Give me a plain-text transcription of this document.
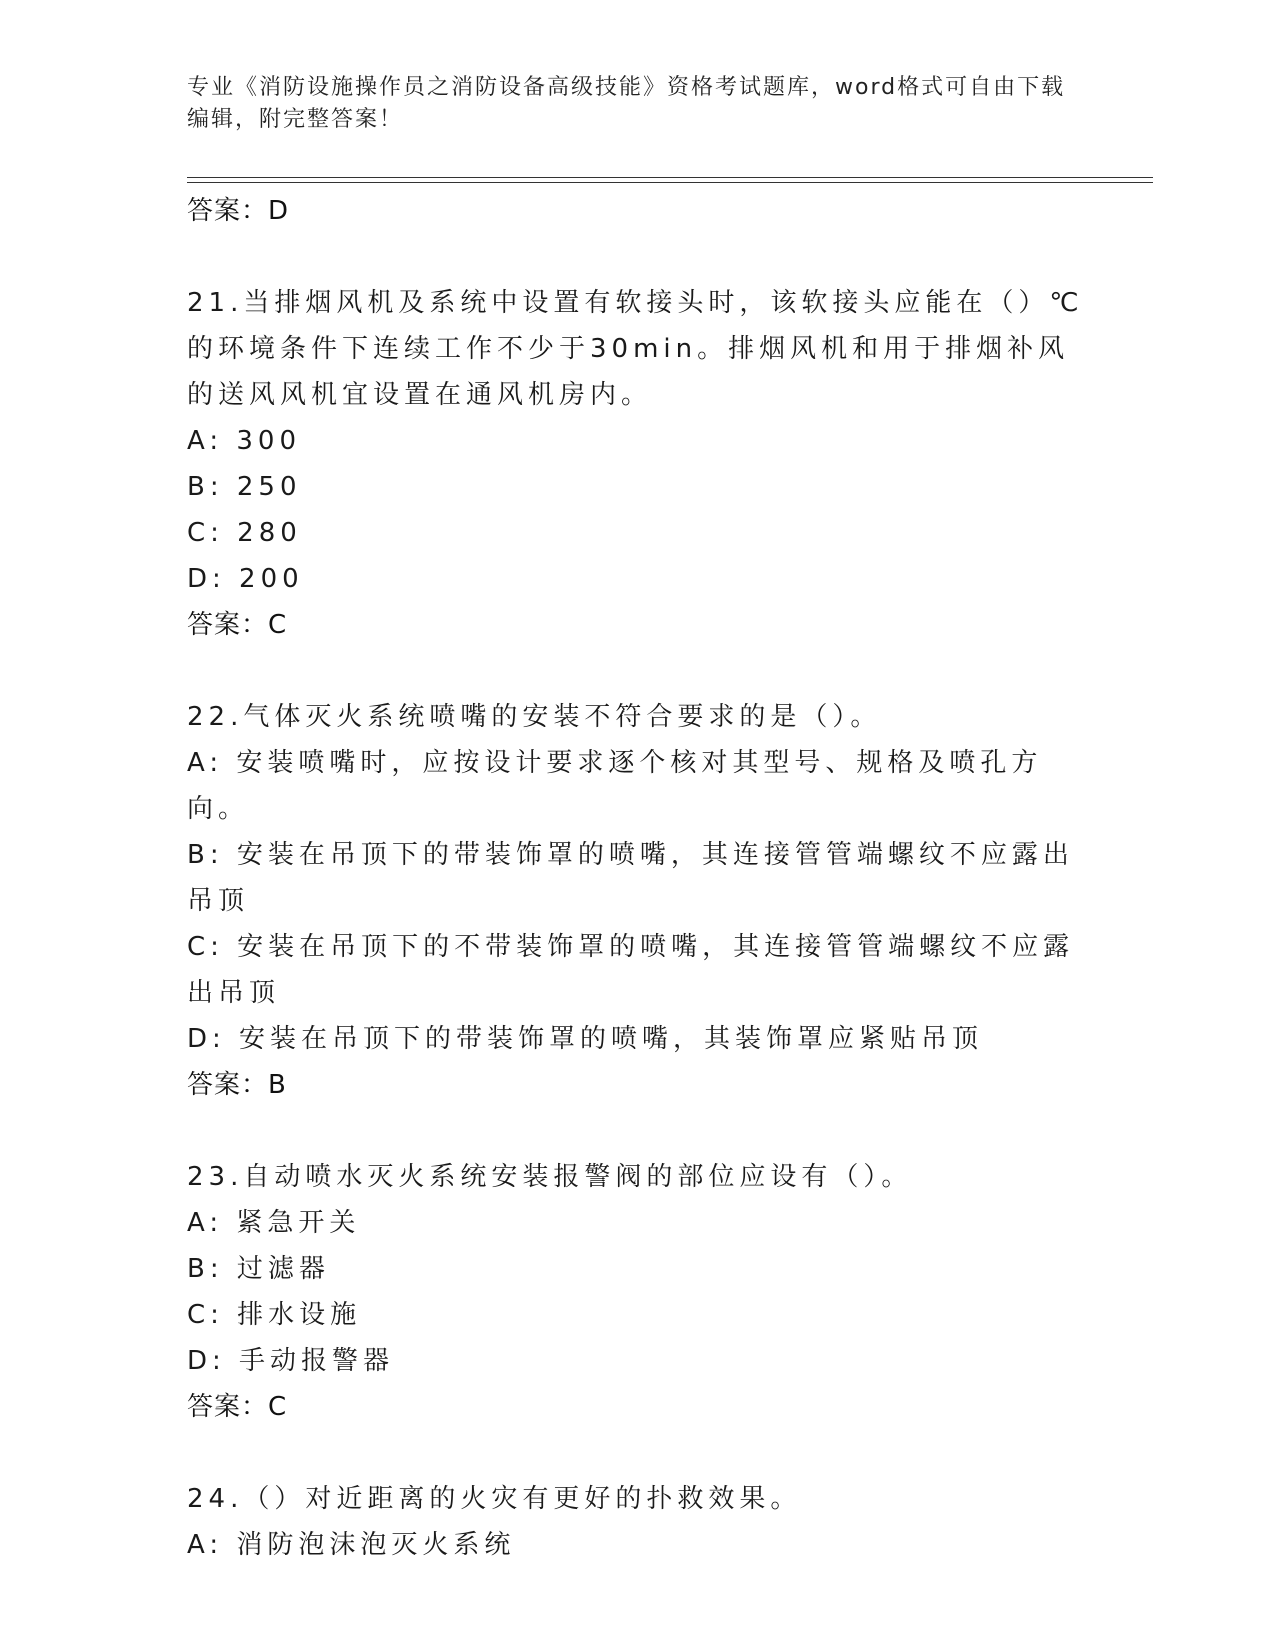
专业《消防设施操作员之消防设备高级技能》资格考试题库，word格式可自由下载编辑，附完整答案！
答案：D
21.当排烟风机及系统中设置有软接头时，该软接头应能在（）℃的环境条件下连续工作不少于30min。排烟风机和用于排烟补风的送风风机宜设置在通风机房内。
A: 300
B: 250
C: 280
D: 200
答案：C
22.气体灭火系统喷嘴的安装不符合要求的是（）。
A: 安装喷嘴时，应按设计要求逐个核对其型号、规格及喷孔方向。
B: 安装在吊顶下的带装饰罩的喷嘴，其连接管管端螺纹不应露出吊顶
C: 安装在吊顶下的不带装饰罩的喷嘴，其连接管管端螺纹不应露出吊顶
D: 安装在吊顶下的带装饰罩的喷嘴，其装饰罩应紧贴吊顶
答案：B
23.自动喷水灭火系统安装报警阀的部位应设有（）。
A: 紧急开关
B: 过滤器
C: 排水设施
D: 手动报警器
答案：C
24.（）对近距离的火灾有更好的扑救效果。
A: 消防泡沫泡灭火系统
